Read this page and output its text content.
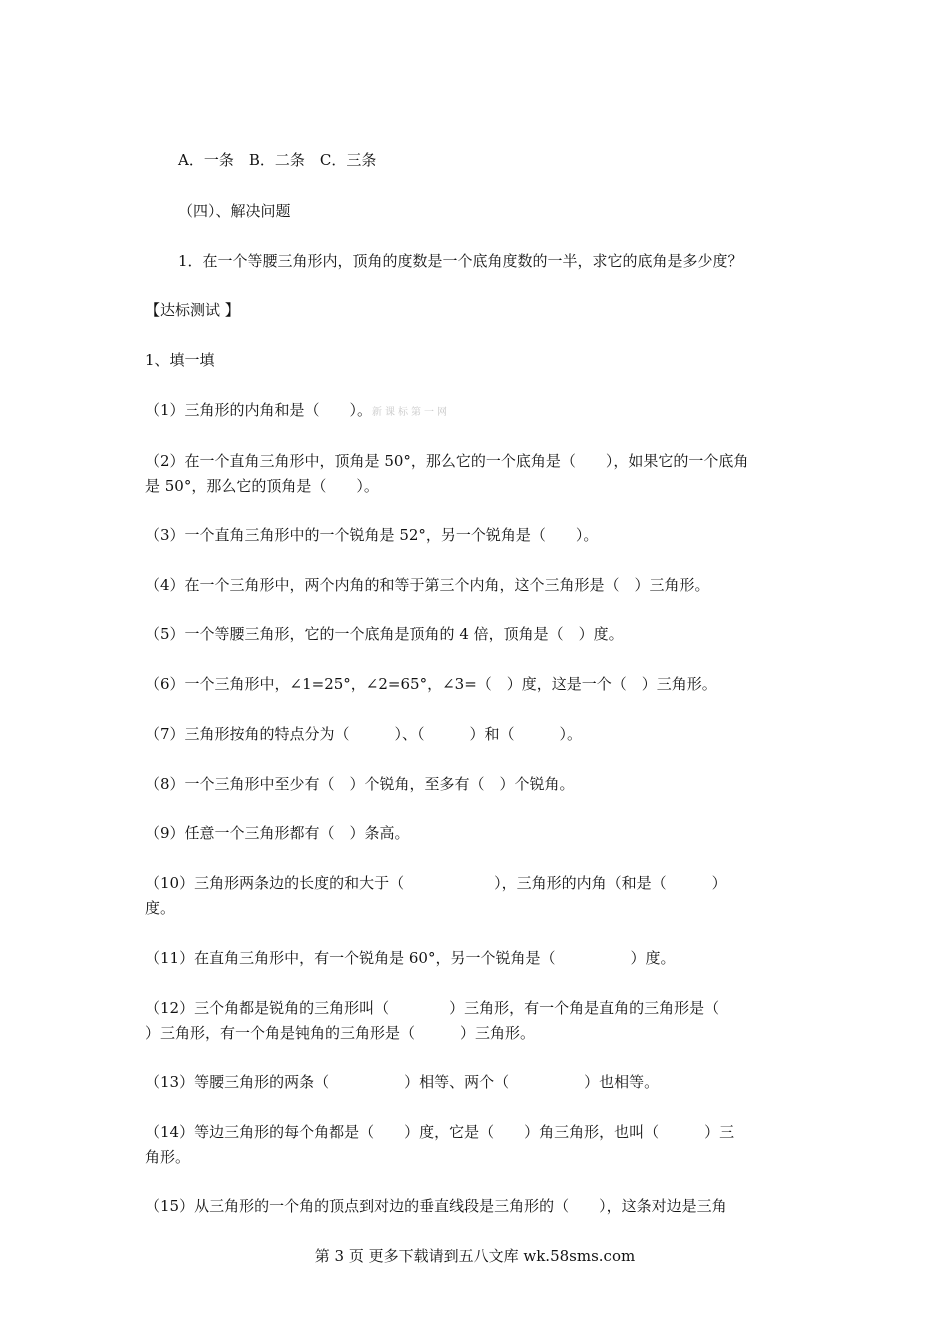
A．一条　B．二条　C．三条
（四）、解决问题
1．在一个等腰三角形内，顶角的度数是一个底角度数的一半，求它的底角是多少度？
【达标测试 】
1、填一填
（1）三角形的内角和是（　　）。新课标第一网
（2）在一个直角三角形中，顶角是 50°，那么它的一个底角是（　　），如果它的一个底角
是 50°，那么它的顶角是（　　）。
（3）一个直角三角形中的一个锐角是 52°，另一个锐角是（　　）。
（4）在一个三角形中，两个内角的和等于第三个内角，这个三角形是（　）三角形。
（5）一个等腰三角形，它的一个底角是顶角的 4 倍，顶角是（　）度。
（6）一个三角形中，∠1=25°，∠2=65°，∠3=（　）度，这是一个（　）三角形。
（7）三角形按角的特点分为（　　　）、（　　　）和（　　　）。
（8）一个三角形中至少有（　）个锐角，至多有（　）个锐角。
（9）任意一个三角形都有（　）条高。
（10）三角形两条边的长度的和大于（　　　　　　），三角形的内角（和是（　　　）
度。
（11）在直角三角形中，有一个锐角是 60°，另一个锐角是（　　　　　）度。
（12）三个角都是锐角的三角形叫（　　　　）三角形，有一个角是直角的三角形是（
）三角形，有一个角是钝角的三角形是（　　　）三角形。
（13）等腰三角形的两条（　　　　　）相等、两个（　　　　　）也相等。
（14）等边三角形的每个角都是（　　）度，它是（　　）角三角形，也叫（　　　）三
角形。
（15）从三角形的一个角的顶点到对边的垂直线段是三角形的（　　），这条对边是三角
第 3 页 更多下载请到五八文库 wk.58sms.com
